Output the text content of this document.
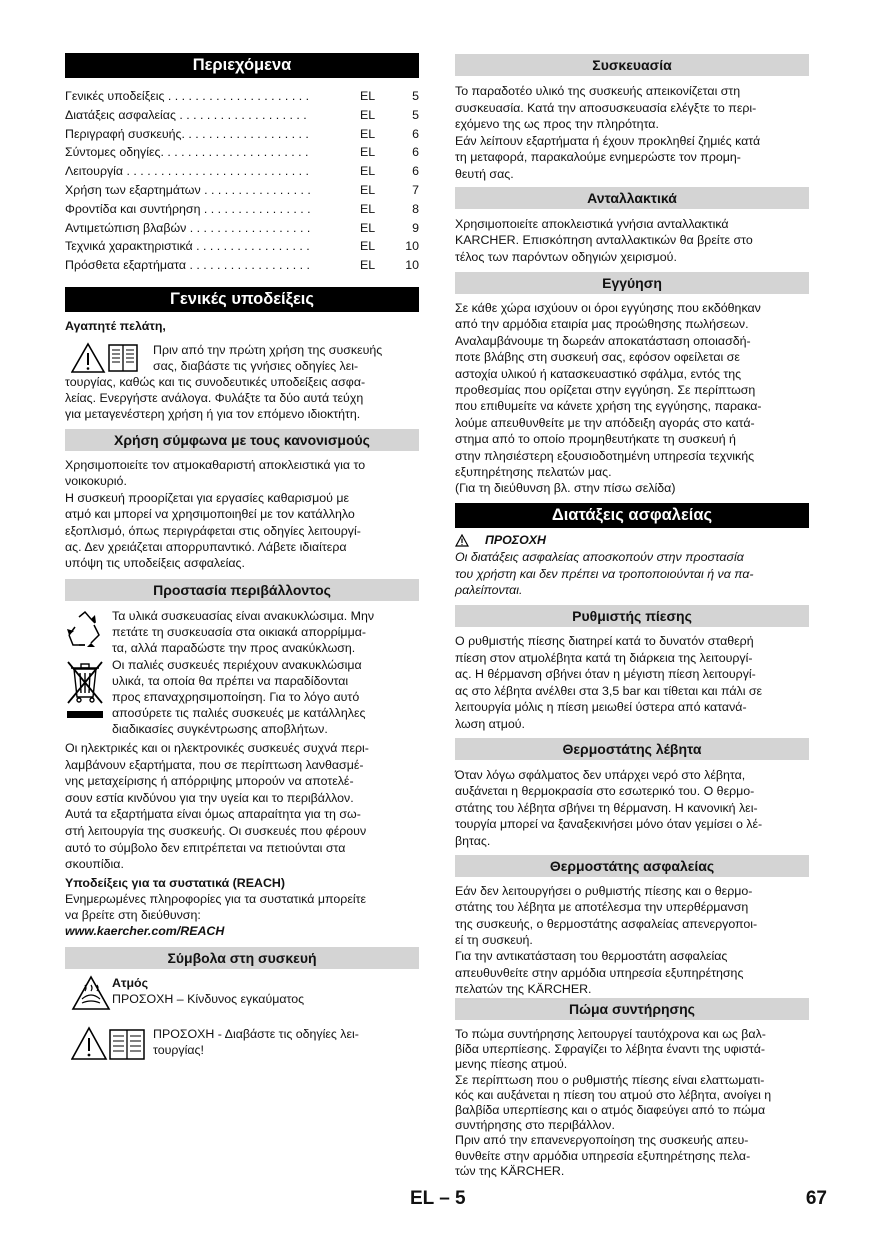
Περιεχόμενα
Γενικές υποδείξεις . . . . . . . . . . . . . . . . . . . . .	EL	5
Διατάξεις ασφαλείας . . . . . . . . . . . . . . . . . . .	EL	5
Περιγραφή συσκευής. . . . . . . . . . . . . . . . . . .	EL	6
Σύντομες οδηγίες. . . . . . . . . . . . . . . . . . . . . .	EL	6
Λειτουργία . . . . . . . . . . . . . . . . . . . . . . . . . . .	EL	6
Χρήση των εξαρτημάτων . . . . . . . . . . . . . . . .	EL	7
Φροντίδα και συντήρηση . . . . . . . . . . . . . . . .	EL	8
Αντιμετώπιση βλαβών . . . . . . . . . . . . . . . . . .	EL	9
Τεχνικά χαρακτηριστικά . . . . . . . . . . . . . . . . .	EL 10
Πρόσθετα εξαρτήματα . . . . . . . . . . . . . . . . . .	EL 10
Γενικές υποδείξεις

Αγαπητέ πελάτη,

Πριν από την πρώτη χρήση της συσκευής

σας, διαβάστε τις γνήσιες οδηγίες λει-

τουργίας, καθώς και τις συνοδευτικές υποδείξεις ασφα-

λείας. Ενεργήστε ανάλογα. Φυλάξτε τα δύο αυτά τεύχη

για μεταγενέστερη χρήση ή για τον επόμενο ιδιοκτήτη.

Χρήση σύμφωνα με τους κανονισμούς

Χρησιμοποιείτε τον ατμοκαθαριστή αποκλειστικά για το

νοικοκυριό.

Η συσκευή προορίζεται για εργασίες καθαρισμού με

ατμό και μπορεί να χρησιμοποιηθεί με τον κατάλληλο

εξοπλισμό, όπως περιγράφεται στις οδηγίες λειτουργί-

ας. Δεν χρειάζεται απορρυπαντικό. Λάβετε ιδιαίτερα

υπόψη τις υποδείξεις ασφαλείας.

Προστασία περιβάλλοντος

Τα υλικά συσκευασίας είναι ανακυκλώσιμα. Μην

πετάτε τη συσκευασία στα οικιακά απορρίμμα-

τα, αλλά παραδώστε την προς ανακύκλωση.

Οι παλιές συσκευές περιέχουν ανακυκλώσιμα

υλικά, τα οποία θα πρέπει να παραδίδονται

προς επαναχρησιμοποίηση. Για το λόγο αυτό

αποσύρετε τις παλιές συσκευές με κατάλληλες

διαδικασίες συγκέντρωσης αποβλήτων.

Οι ηλεκτρικές και οι ηλεκτρονικές συσκευές συχνά περι-

λαμβάνουν εξαρτήματα, που σε περίπτωση λανθασμέ-

νης μεταχείρισης ή απόρριψης μπορούν να αποτελέ-

σουν εστία κινδύνου για την υγεία και το περιβάλλον.

Αυτά τα εξαρτήματα είναι όμως απαραίτητα για τη σω-

στή λειτουργία της συσκευής. Οι συσκευές που φέρουν

αυτό το σύμβολο δεν επιτρέπεται να πετιούνται στα

σκουπίδια.

Υποδείξεις για τα συστατικά (REACH)

Ενημερωμένες πληροφορίες για τα συστατικά μπορείτε

να βρείτε στη διεύθυνση:

www.kaercher.com/REACH

Σύμβολα στη συσκευή

Ατμός

ΠΡΟΣΟΧΗ – Κίνδυνος εγκαύματος

ΠΡΟΣΟΧΗ - Διαβάστε τις οδηγίες λει-

τουργίας!

Συσκευασία

Το παραδοτέο υλικό της συσκευής απεικονίζεται στη

συσκευασία. Κατά την αποσυσκευασία ελέγξτε το περι-

εχόμενο της ως προς την πληρότητα.

Εάν λείπουν εξαρτήματα ή έχουν προκληθεί ζημιές κατά

τη μεταφορά, παρακαλούμε ενημερώστε τον προμη-

θευτή σας.

Ανταλλακτικά

Χρησιμοποιείτε αποκλειστικά γνήσια ανταλλακτικά

KARCHER. Επισκόπηση ανταλλακτικών θα βρείτε στο

τέλος των παρόντων οδηγιών χειρισμού.

Εγγύηση

Σε κάθε χώρα ισχύουν οι όροι εγγύησης που εκδόθηκαν

από την αρμόδια εταιρία μας προώθησης πωλήσεων.

Αναλαμβάνουμε τη δωρεάν αποκατάσταση οποιασδή-

ποτε βλάβης στη συσκευή σας, εφόσον οφείλεται σε

αστοχία υλικού ή κατασκευαστικό σφάλμα, εντός της

προθεσμίας που ορίζεται στην εγγύηση. Σε περίπτωση

που επιθυμείτε να κάνετε χρήση της εγγύησης, παρακα-

λούμε απευθυνθείτε με την απόδειξη αγοράς στο κατά-

στημα από το οποίο προμηθευτήκατε τη συσκευή ή

στην πλησιέστερη εξουσιοδοτημένη υπηρεσία τεχνικής

εξυπηρέτησης πελατών μας.

(Για τη διεύθυνση βλ. στην πίσω σελίδα)

Διατάξεις ασφαλείας

ΠΡΟΣΟΧΗ

Οι διατάξεις ασφαλείας αποσκοπούν στην προστασία

του χρήστη και δεν πρέπει να τροποποιούνται ή να πα-

ραλείπονται.

Ρυθμιστής πίεσης

Ο ρυθμιστής πίεσης διατηρεί κατά το δυνατόν σταθερή

πίεση στον ατμολέβητα κατά τη διάρκεια της λειτουργί-

ας. Η θέρμανση σβήνει όταν η μέγιστη πίεση λειτουργί-

ας στο λέβητα ανέλθει στα 3,5 bar και τίθεται και πάλι σε

λειτουργία μόλις η πίεση μειωθεί ύστερα από κατανά-

λωση ατμού.

Θερμοστάτης λέβητα

Όταν λόγω σφάλματος δεν υπάρχει νερό στο λέβητα,

αυξάνεται η θερμοκρασία στο εσωτερικό του. Ο θερμο-

στάτης του λέβητα σβήνει τη θέρμανση. Η κανονική λει-

τουργία μπορεί να ξαναξεκινήσει μόνο όταν γεμίσει ο λέ-

βητας.

Θερμοστάτης ασφαλείας

Εάν δεν λειτουργήσει ο ρυθμιστής πίεσης και ο θερμο-

στάτης του λέβητα με αποτέλεσμα την υπερθέρμανση

της συσκευής, ο θερμοστάτης ασφαλείας απενεργοποι-

εί τη συσκευή.

Για την αντικατάσταση του θερμοστάτη ασφαλείας

απευθυνθείτε στην αρμόδια υπηρεσία εξυπηρέτησης

πελατών της KÄRCHER.

Πώμα συντήρησης

Το πώμα συντήρησης λειτουργεί ταυτόχρονα και ως βαλ-

βίδα υπερπίεσης. Σφραγίζει το λέβητα έναντι της υφιστά-

μενης πίεσης ατμού.

Σε περίπτωση που ο ρυθμιστής πίεσης είναι ελαττωματι-

κός και αυξάνεται η πίεση του ατμού στο λέβητα, ανοίγει η

βαλβίδα υπερπίεσης και ο ατμός διαφεύγει από το πώμα

συντήρησης στο περιβάλλον.

Πριν από την επανενεργοποίηση της συσκευής απευ-

θυνθείτε στην αρμόδια υπηρεσία εξυπηρέτησης πελα-

τών της KÄRCHER.

EL – 5	67
